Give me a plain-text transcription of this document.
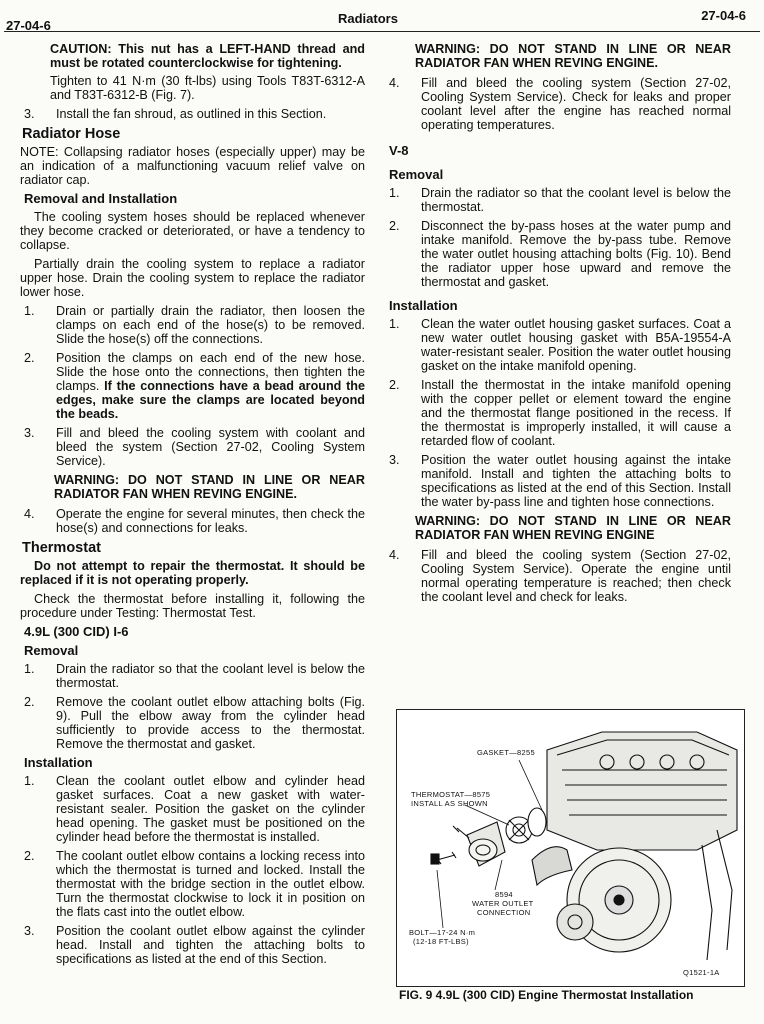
27-04-6	Radiators	27-04-6

CAUTION: This nut has a LEFT-HAND thread and must be rotated counterclockwise for tightening.

Tighten to 41 N·m (30 ft-lbs) using Tools T83T-6312-A and T83T-6312-B (Fig. 7).

3.	Install the fan shroud, as outlined in this Section.
Radiator Hose

NOTE: Collapsing radiator hoses (especially upper) may be an indication of a malfunctioning vacuum relief valve on radiator cap.

Removal and Installation

The cooling system hoses should be replaced whenever they become cracked or deteriorated, or have a tendency to collapse.

Partially drain the cooling system to replace a radiator upper hose. Drain the cooling system to replace the radiator lower hose.

1.	Drain or partially drain the radiator, then loosen the clamps on each end of the hose(s) to be removed. Slide the hose(s) off the connections.
2.	Position the clamps on each end of the new hose. Slide the hose onto the connections, then tighten the clamps. If the connections have a bead around the edges, make sure the clamps are located beyond the beads.
3.	Fill and bleed the cooling system with coolant and bleed the system (Section 27-02, Cooling System Service).

WARNING: DO NOT STAND IN LINE OR NEAR RADIATOR FAN WHEN REVING ENGINE.

4.	Operate the engine for several minutes, then check the hose(s) and connections for leaks.
Thermostat

Do not attempt to repair the thermostat. It should be replaced if it is not operating properly.

Check the thermostat before installing it, following the procedure under Testing: Thermostat Test.

4.9L (300 CID) I-6
Removal
1.	Drain the radiator so that the coolant level is below the thermostat.
2.	Remove the coolant outlet elbow attaching bolts (Fig. 9). Pull the elbow away from the cylinder head sufficiently to provide access to the thermostat. Remove the thermostat and gasket.
Installation
1.	Clean the coolant outlet elbow and cylinder head gasket surfaces. Coat a new gasket with water-resistant sealer. Position the gasket on the cylinder head opening. The gasket must be positioned on the cylinder head before the thermostat is installed.
2.	The coolant outlet elbow contains a locking recess into which the thermostat is turned and locked. Install the thermostat with the bridge section in the outlet elbow. Turn the thermostat clockwise to lock it in position on the flats cast into the outlet elbow.
3.	Position the coolant outlet elbow against the cylinder head. Install and tighten the attaching bolts to specifications as listed at the end of this Section.

WARNING: DO NOT STAND IN LINE OR NEAR RADIATOR FAN WHEN REVING ENGINE.

4.	Fill and bleed the cooling system (Section 27-02, Cooling System Service). Check for leaks and proper coolant level after the engine has reached normal operating temperatures.
V-8
Removal
1.	Drain the radiator so that the coolant level is below the thermostat.
2.	Disconnect the by-pass hoses at the water pump and intake manifold. Remove the by-pass tube. Remove the water outlet housing attaching bolts (Fig. 10). Bend the radiator upper hose upward and remove the thermostat and gasket.
Installation
1.	Clean the water outlet housing gasket surfaces. Coat a new water outlet housing gasket with B5A-19554-A water-resistant sealer. Position the water outlet housing gasket on the intake manifold opening.
2.	Install the thermostat in the intake manifold opening with the copper pellet or element toward the engine and the thermostat flange positioned in the recess. If the thermostat is improperly installed, it will cause a retarded flow of coolant.
3.	Position the water outlet housing against the intake manifold. Install and tighten the attaching bolts to specifications as listed at the end of this Section. Install the water by-pass line and tighten hose connections.

WARNING: DO NOT STAND IN LINE OR NEAR RADIATOR FAN WHEN REVING ENGINE

4.	Fill and bleed the cooling system (Section 27-02, Cooling System Service). Operate the engine until normal operating temperature is reached; then check the coolant level and check for leaks.
GASKET—8255
THERMOSTAT—8575
INSTALL AS SHOWN
8594
WATER OUTLET
CONNECTION
BOLT—17-24 N·m
(12-18 FT-LBS)
Q1521-1A
FIG. 9 4.9L (300 CID) Engine Thermostat Installation
